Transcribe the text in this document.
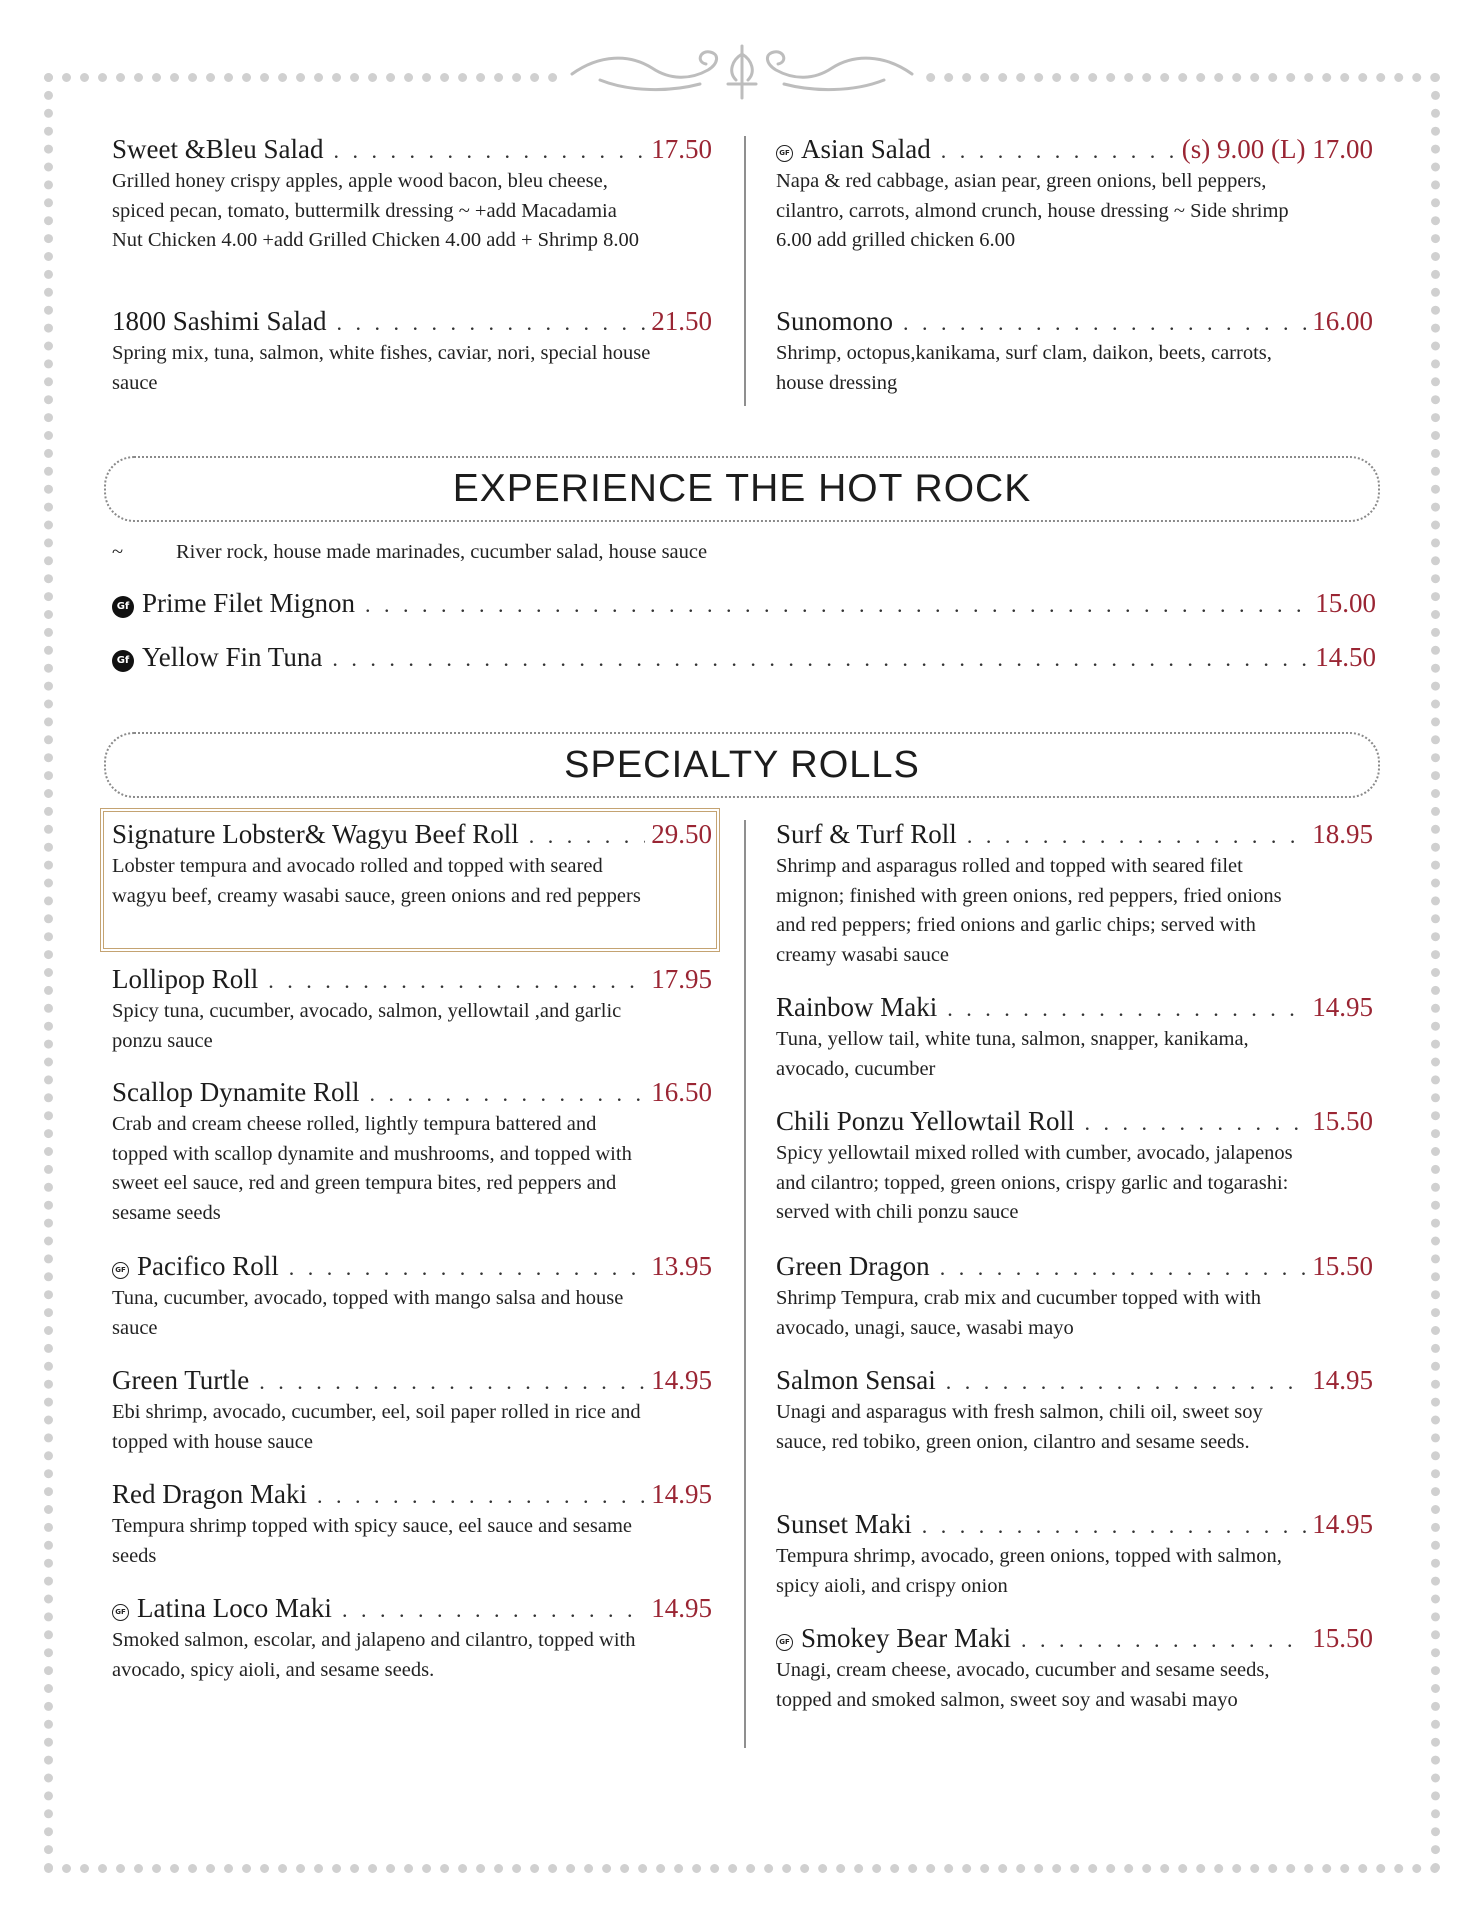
Sweet &Bleu Salad . . .	17.50
Grilled honey crispy apples, apple wood bacon, bleu cheese, spiced pecan, tomato, buttermilk dressing ~ +add Macadamia Nut Chicken 4.00 +add Grilled Chicken 4.00 add + Shrimp 8.00
1800 Sashimi Salad . . .	21.50
Spring mix, tuna, salmon, white fishes, caviar, nori, special house sauce
GF Asian Salad . . .	(s) 9.00 (L) 17.00
Napa & red cabbage, asian pear, green onions, bell peppers, cilantro, carrots, almond crunch, house dressing ~ Side shrimp 6.00 add grilled chicken 6.00
Sunomono . . .	16.00
Shrimp, octopus,kanikama, surf clam, daikon, beets, carrots, house dressing
EXPERIENCE THE HOT ROCK
~	River rock, house made marinades, cucumber salad, house sauce
Gf Prime Filet Mignon . . .	15.00
Gf Yellow Fin Tuna . . .	14.50
SPECIALTY ROLLS
Signature Lobster& Wagyu Beef Roll . . .	29.50
Lobster tempura and avocado rolled and topped with seared wagyu beef, creamy wasabi sauce, green onions and red peppers
Lollipop Roll . . .	17.95
Spicy tuna, cucumber, avocado, salmon, yellowtail ,and garlic ponzu sauce
Scallop Dynamite Roll . . .	16.50
Crab and cream cheese rolled, lightly tempura battered and topped with scallop dynamite and mushrooms, and topped with sweet eel sauce, red and green tempura bites, red peppers and sesame seeds
GF Pacifico Roll . . .	13.95
Tuna, cucumber, avocado, topped with mango salsa and house sauce
Green Turtle . . .	14.95
Ebi shrimp, avocado, cucumber, eel, soil paper rolled in rice and topped with house sauce
Red Dragon Maki . . .	14.95
Tempura shrimp topped with spicy sauce, eel sauce and sesame seeds
GF Latina Loco Maki . . .	14.95
Smoked salmon, escolar, and jalapeno and cilantro, topped with avocado, spicy aioli, and sesame seeds.
Surf & Turf Roll . . .	18.95
Shrimp and asparagus rolled and topped with seared filet mignon; finished with green onions, red peppers, fried onions and red peppers; fried onions and garlic chips; served with creamy wasabi sauce
Rainbow Maki . . .	14.95
Tuna, yellow tail, white tuna, salmon, snapper, kanikama, avocado, cucumber
Chili Ponzu Yellowtail Roll . . .	15.50
Spicy yellowtail mixed rolled with cumber, avocado, jalapenos and cilantro; topped, green onions, crispy garlic and togarashi: served with chili ponzu sauce
Green Dragon . . .	15.50
Shrimp Tempura, crab mix and cucumber topped with with avocado, unagi, sauce, wasabi mayo
Salmon Sensai . . .	14.95
Unagi and asparagus with fresh salmon, chili oil, sweet soy sauce, red tobiko, green onion, cilantro and sesame seeds.
Sunset Maki . . .	14.95
Tempura shrimp, avocado, green onions, topped with salmon, spicy aioli, and crispy onion
GF Smokey Bear Maki . . .	15.50
Unagi, cream cheese, avocado, cucumber and sesame seeds, topped and smoked salmon, sweet soy and wasabi mayo
